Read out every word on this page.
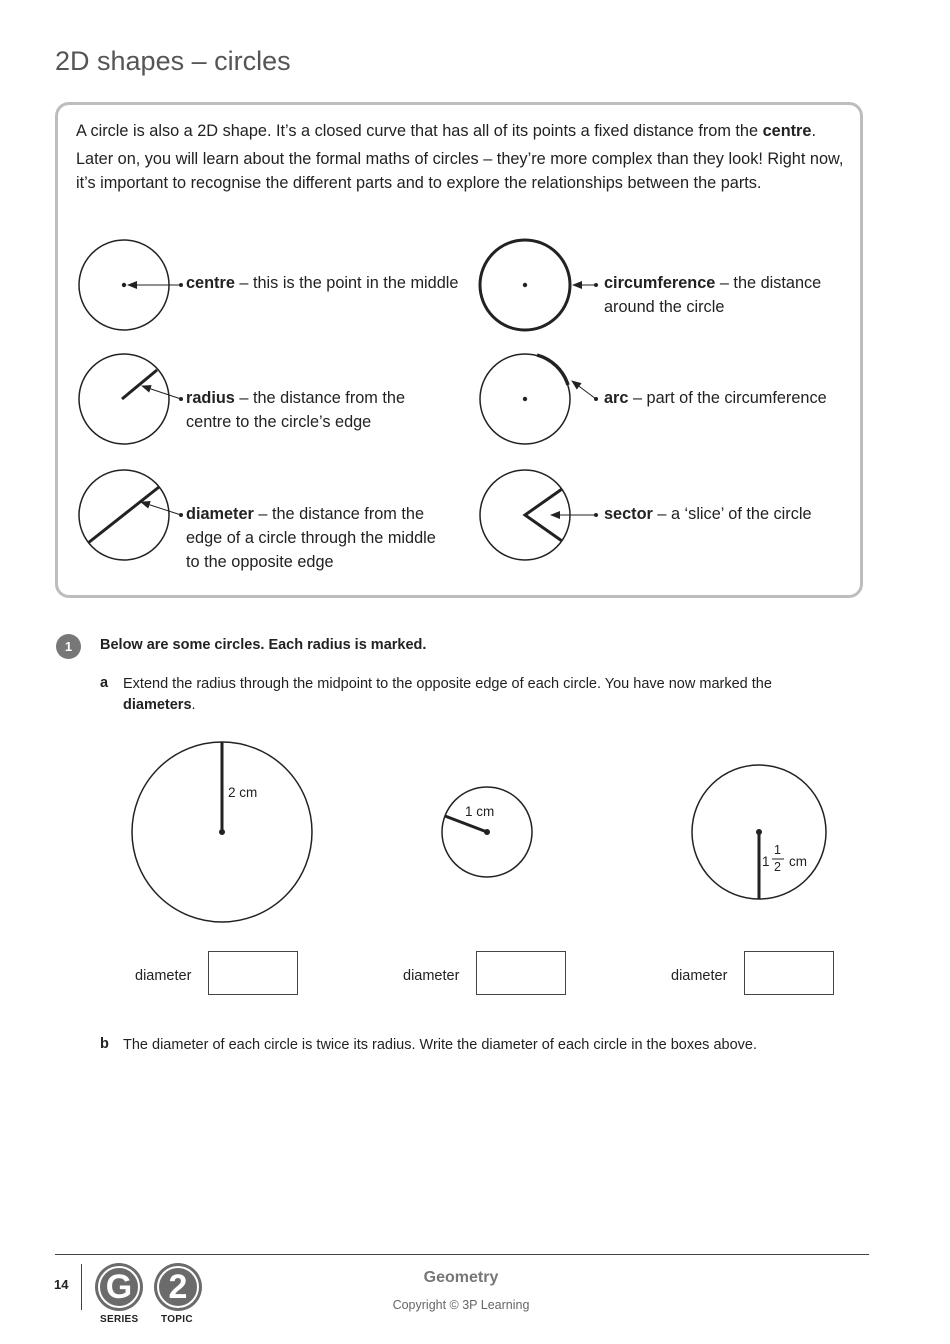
2D shapes – circles

A circle is also a 2D shape. It’s a closed curve that has all of its points a fixed distance from the centre.

Later on, you will learn about the formal maths of circles – they’re more complex than they look! Right now, it’s important to recognise the different parts and to explore the relationships between the parts.

centre – this is the point in the middle	circumference – the distance around the circle
radius – the distance from the centre to the circle’s edge
arc – part of the circumference
diameter – the distance from the edge of a circle through the middle to the opposite edge
sector – a ‘slice’ of the circle
1	Below are some circles. Each radius is marked.
a Extend the radius through the midpoint to the opposite edge of each circle. You have now marked the diameters.
2 cm
1 cm
1
1
2 cm
diameter	diameter	diameter
b The diameter of each circle is twice its radius. Write the diameter of each circle in the boxes above.
14	G	2
SERIES TOPIC
Geometry
Copyright © 3P Learning
